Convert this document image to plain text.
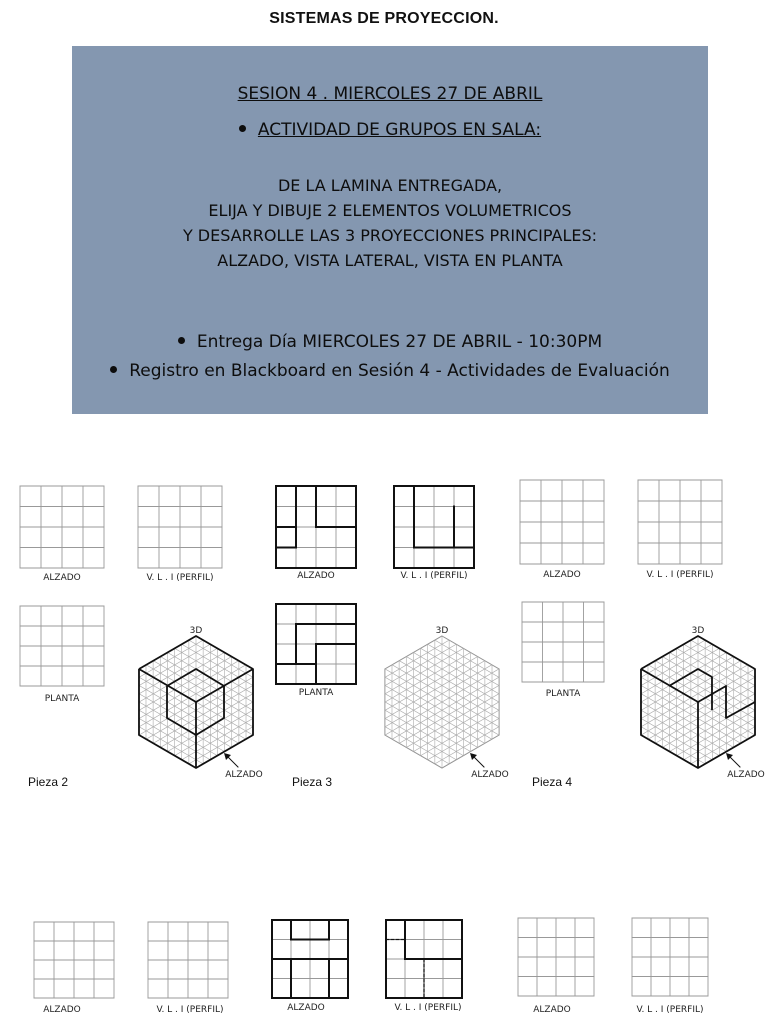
SISTEMAS DE PROYECCION.
SESION 4 . MIERCOLES 27 DE ABRIL
ACTIVIDAD DE GRUPOS EN SALA:
DE LA LAMINA ENTREGADA,
ELIJA Y DIBUJE 2 ELEMENTOS VOLUMETRICOS
Y DESARROLLE LAS 3 PROYECCIONES PRINCIPALES:
ALZADO, VISTA LATERAL, VISTA EN PLANTA
Entrega Día MIERCOLES 27 DE ABRIL - 10:30PM
Registro en Blackboard en Sesión 4 - Actividades de Evaluación
ALZADO	V. L . I (PERFIL)
PLANTA
3D
ALZADO
Pieza 2
ALZADO	V. L . I (PERFIL)
PLANTA
3D
ALZADO
Pieza 3
ALZADO	V. L . I (PERFIL)
PLANTA
3D
ALZADO
Pieza 4
ALZADO	V. L . I (PERFIL)	ALZADO	V. L . I (PERFIL)	ALZADO	V. L . I (PERFIL)
